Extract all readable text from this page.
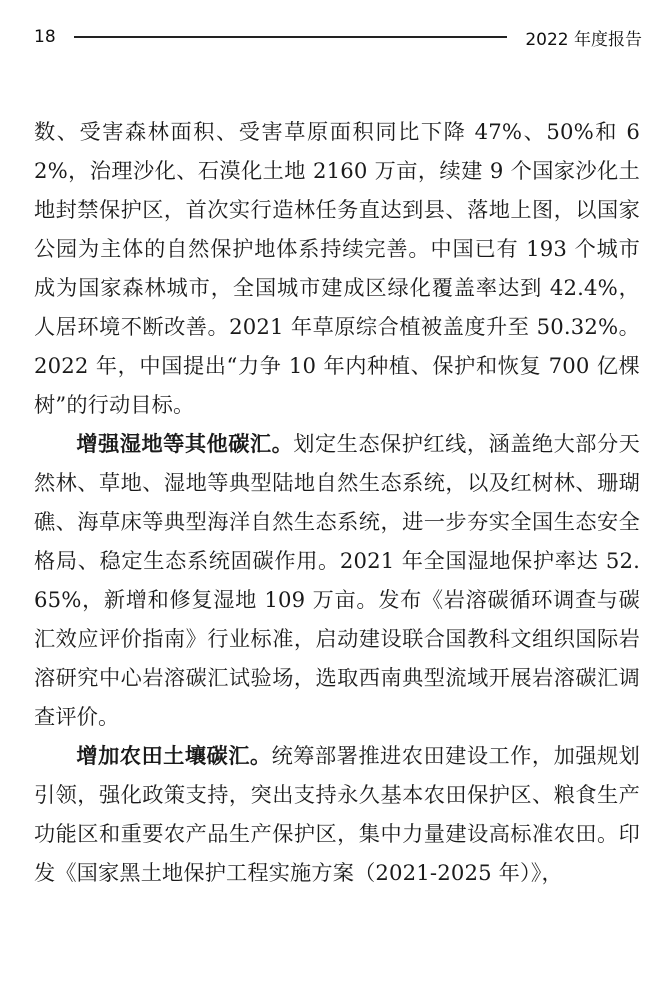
18	2022 年度报告

数、受害森林面积、受害草原面积同比下降 47%、50%和 62%，治理沙化、石漠化土地 2160 万亩，续建 9 个国家沙化土地封禁保护区，首次实行造林任务直达到县、落地上图，以国家公园为主体的自然保护地体系持续完善。中国已有 193 个城市成为国家森林城市，全国城市建成区绿化覆盖率达到 42.4%，人居环境不断改善。2021 年草原综合植被盖度升至 50.32%。2022 年，中国提出“力争 10 年内种植、保护和恢复 700 亿棵树”的行动目标。

增强湿地等其他碳汇。划定生态保护红线，涵盖绝大部分天然林、草地、湿地等典型陆地自然生态系统，以及红树林、珊瑚礁、海草床等典型海洋自然生态系统，进一步夯实全国生态安全格局、稳定生态系统固碳作用。2021 年全国湿地保护率达 52.65%，新增和修复湿地 109 万亩。发布《岩溶碳循环调查与碳汇效应评价指南》行业标准，启动建设联合国教科文组织国际岩溶研究中心岩溶碳汇试验场，选取西南典型流域开展岩溶碳汇调查评价。

增加农田土壤碳汇。统筹部署推进农田建设工作，加强规划引领，强化政策支持，突出支持永久基本农田保护区、粮食生产功能区和重要农产品生产保护区，集中力量建设高标准农田。印发《国家黑土地保护工程实施方案（2021-2025 年）》，
